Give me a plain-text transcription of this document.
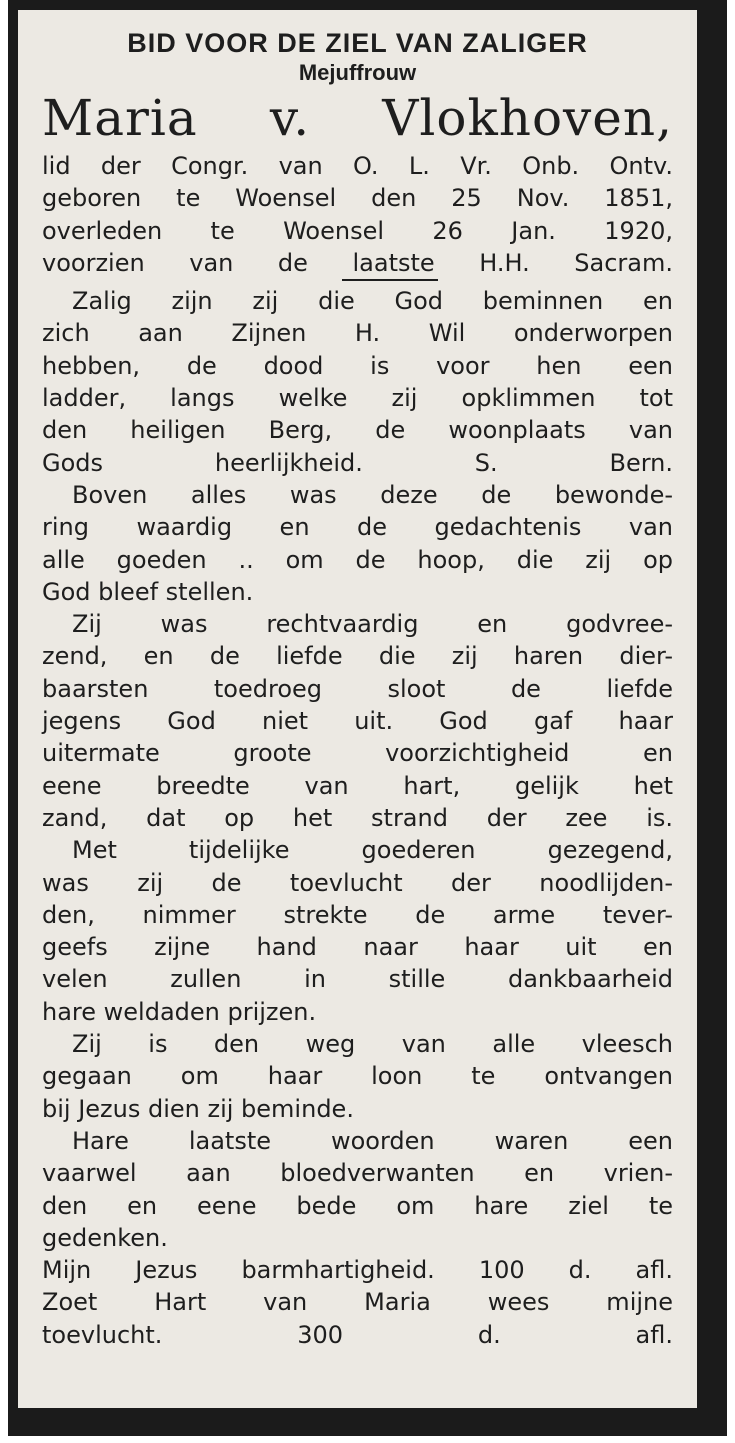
BID VOOR DE ZIEL VAN ZALIGER

Mejuffrouw

Maria v. Vlokhoven,

lid der Congr. van O. L. Vr. Onb. Ontv.

geboren te Woensel den 25 Nov. 1851,

overleden te Woensel 26 Jan. 1920,

voorzien van de laatste H.H. Sacram.

Zalig zijn zij die God beminnen en

zich aan Zijnen H. Wil onderworpen

hebben, de dood is voor hen een

ladder, langs welke zij opklimmen tot

den heiligen Berg, de woonplaats van

Gods heerlijkheid.	S. Bern.

Boven alles was deze de bewonde-

ring waardig en de gedachtenis van

alle goeden .. om de hoop, die zij op

God bleef stellen.

Zij was rechtvaardig en godvree-

zend, en de liefde die zij haren dier-

baarsten toedroeg sloot de liefde

jegens God niet uit. God gaf haar

uitermate groote voorzichtigheid en

eene breedte van hart, gelijk het

zand, dat op het strand der zee is.

Met tijdelijke goederen gezegend,

was zij de toevlucht der noodlijden-

den, nimmer strekte de arme tever-

geefs zijne hand naar haar uit en

velen zullen in stille dankbaarheid

hare weldaden prijzen.

Zij is den weg van alle vleesch

gegaan om haar loon te ontvangen

bij Jezus dien zij beminde.

Hare laatste woorden waren een

vaarwel aan bloedverwanten en vrien-

den en eene bede om hare ziel te

gedenken.

Mijn Jezus barmhartigheid. 100 d. afl.

Zoet Hart van Maria wees mijne

toevlucht.	300 d. afl.
